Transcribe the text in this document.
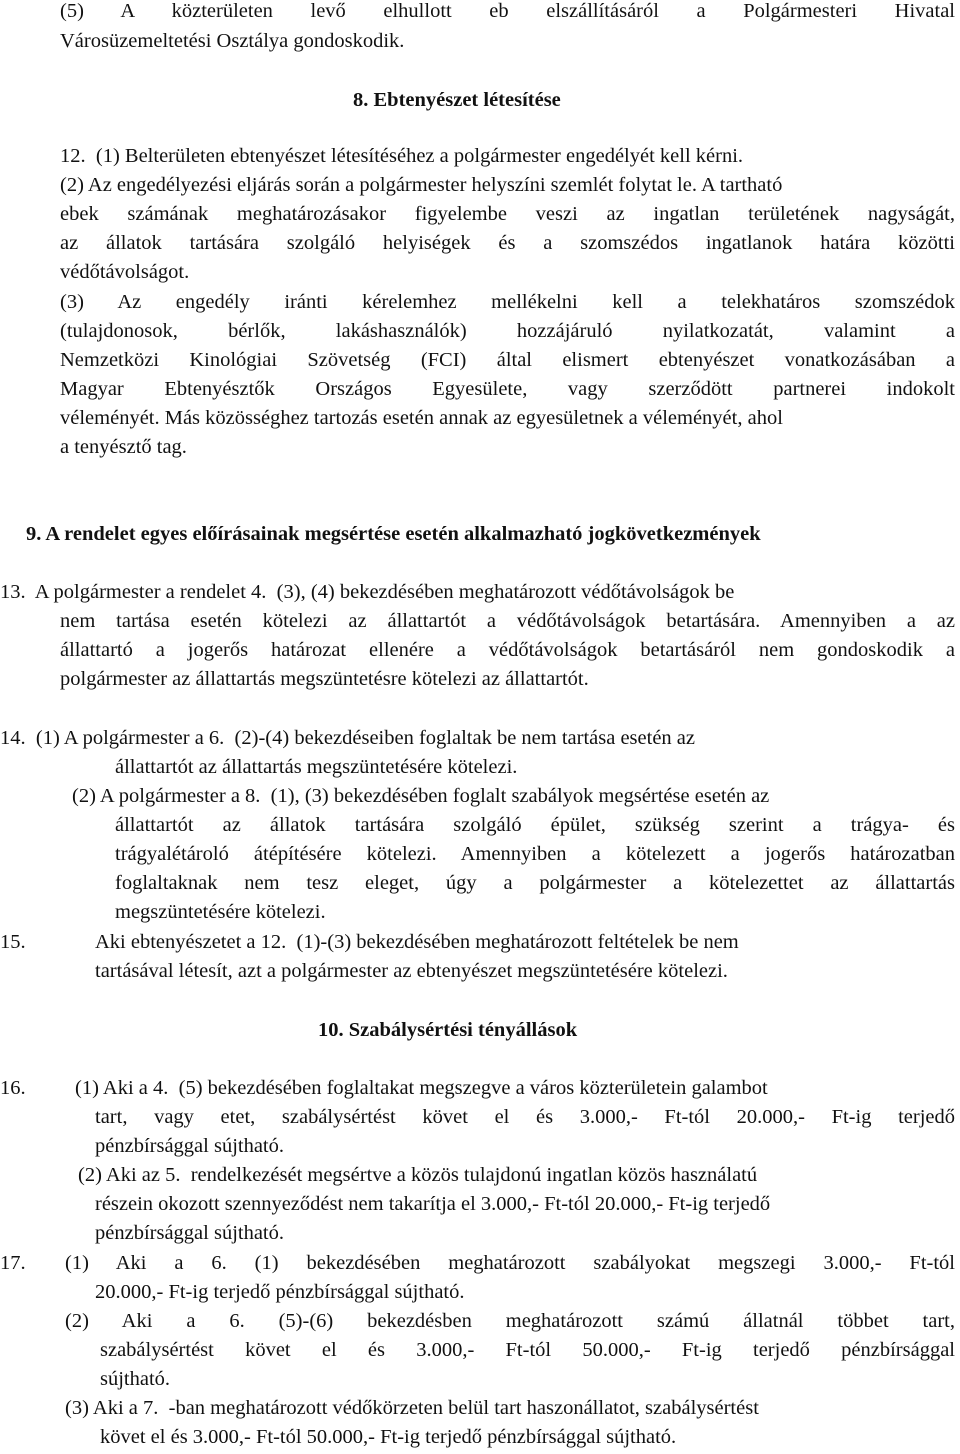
(5) A közterületen levő elhullott eb elszállításáról a Polgármesteri Hivatal
Városüzemeltetési Osztálya gondoskodik.
8. Ebtenyészet létesítése
12.  (1) Belterületen ebtenyészet létesítéséhez a polgármester engedélyét kell kérni.
(2) Az engedélyezési eljárás során a polgármester helyszíni szemlét folytat le. A tartható
ebek számának meghatározásakor figyelembe veszi az ingatlan területének nagyságát,
az állatok tartására szolgáló helyiségek és a szomszédos ingatlanok határa közötti
védőtávolságot.
(3) Az engedély iránti kérelemhez mellékelni kell a telekhatáros szomszédok
(tulajdonosok, bérlők, lakáshasználók) hozzájáruló nyilatkozatát, valamint a
Nemzetközi Kinológiai Szövetség (FCI) által elismert ebtenyészet vonatkozásában a
Magyar Ebtenyésztők Országos Egyesülete, vagy szerződött partnerei indokolt
véleményét. Más közösséghez tartozás esetén annak az egyesületnek a véleményét, ahol
a tenyésztő tag.
9. A rendelet egyes előírásainak megsértése esetén alkalmazható jogkövetkezmények
13.  A polgármester a rendelet 4.  (3), (4) bekezdésében meghatározott védőtávolságok be
nem tartása esetén kötelezi az állattartót a védőtávolságok betartására. Amennyiben a az
állattartó a jogerős határozat ellenére a védőtávolságok betartásáról nem gondoskodik a
polgármester az állattartás megszüntetésre kötelezi az állattartót.
14.  (1) A polgármester a 6.  (2)-(4) bekezdéseiben foglaltak be nem tartása esetén az
állattartót az állattartás megszüntetésére kötelezi.
(2) A polgármester a 8.  (1), (3) bekezdésében foglalt szabályok megsértése esetén az
állattartót az állatok tartására szolgáló épület, szükség szerint a trágya- és
trágyalétároló átépítésére kötelezi. Amennyiben a kötelezett a jogerős határozatban
foglaltaknak nem tesz eleget, úgy a polgármester a kötelezettet az állattartás
megszüntetésére kötelezi.
15.	Aki ebtenyészetet a 12.  (1)-(3) bekezdésében meghatározott feltételek be nem
tartásával létesít, azt a polgármester az ebtenyészet megszüntetésére kötelezi.
10. Szabálysértési tényállások
16. (1) Aki a 4.  (5) bekezdésében foglaltakat megszegve a város közterületein galambot
tart, vagy etet, szabálysértést követ el és 3.000,- Ft-tól 20.000,- Ft-ig terjedő
pénzbírsággal sújtható.
(2) Aki az 5.  rendelkezését megsértve a közös tulajdonú ingatlan közös használatú
részein okozott szennyeződést nem takarítja el 3.000,- Ft-tól 20.000,- Ft-ig terjedő
pénzbírsággal sújtható.
17. (1) Aki a 6. (1) bekezdésében meghatározott szabályokat megszegi 3.000,- Ft-tól
20.000,- Ft-ig terjedő pénzbírsággal sújtható.
(2) Aki a 6. (5)-(6) bekezdésben meghatározott számú állatnál többet tart,
szabálysértést követ el és 3.000,- Ft-tól 50.000,- Ft-ig terjedő pénzbírsággal
sújtható.
(3) Aki a 7.  -ban meghatározott védőkörzeten belül tart haszonállatot, szabálysértést
követ el és 3.000,- Ft-tól 50.000,- Ft-ig terjedő pénzbírsággal sújtható.
